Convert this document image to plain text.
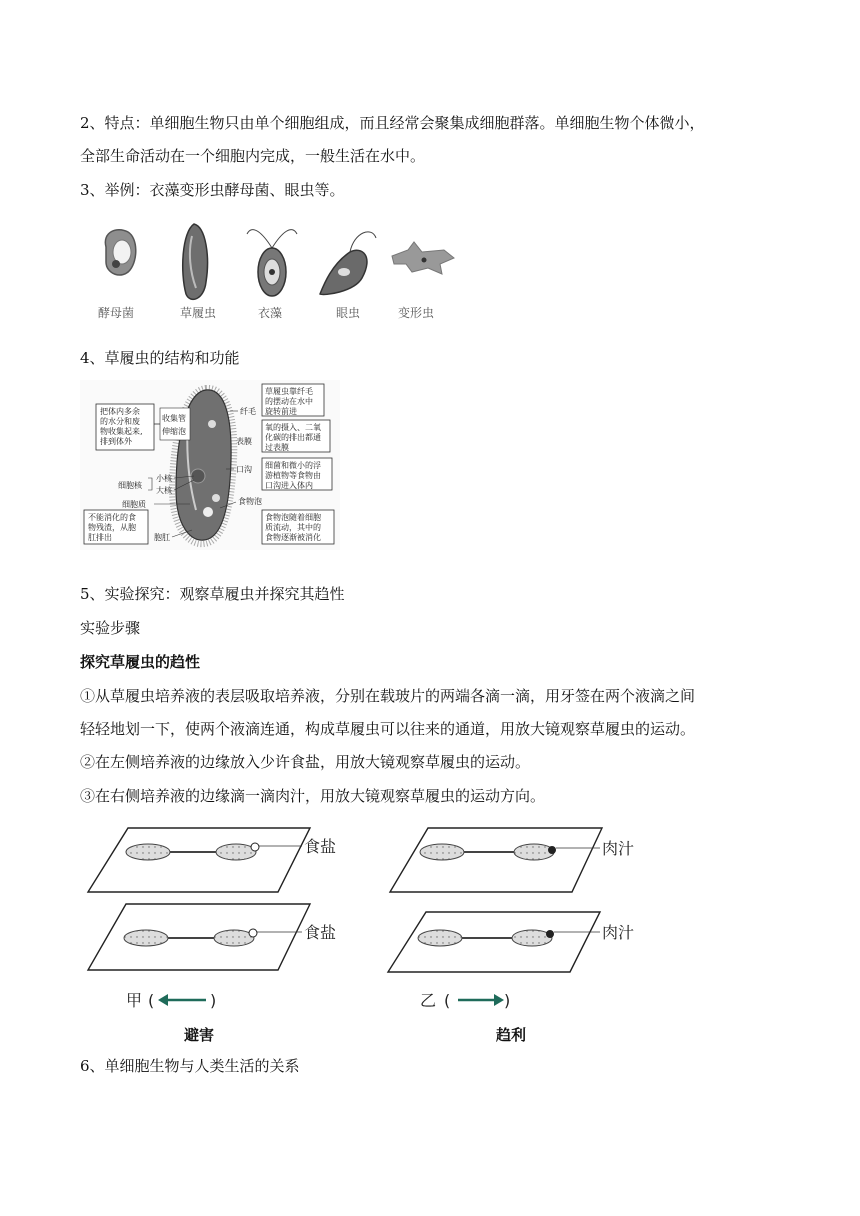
2、特点：单细胞生物只由单个细胞组成，而且经常会聚集成细胞群落。单细胞生物个体微小，
全部生命活动在一个细胞内完成，一般生活在水中。
3、举例：衣藻变形虫酵母菌、眼虫等。
酵母菌	草履虫	衣藻	眼虫	变形虫
4、草履虫的结构和功能
把体内多余
的水分和废
物收集起来,
排到体外
收集管
伸缩泡
小核
大核
细胞核
细胞质
不能消化的食
物残渣，从胞
肛排出	胞肛
纤毛
草履虫靠纤毛
的摆动在水中
旋转前进
表膜
氧的摄入、二氧
化碳的排出都通
过表膜
口沟 细菌和微小的浮
游植物等食物由
口沟进入体内
食物泡
食物泡随着细胞
质流动，其中的
食物逐渐被消化
5、实验探究：观察草履虫并探究其趋性
实验步骤
探究草履虫的趋性
①从草履虫培养液的表层吸取培养液，分别在载玻片的两端各滴一滴，用牙签在两个液滴之间
轻轻地划一下，使两个液滴连通，构成草履虫可以往来的通道，用放大镜观察草履虫的运动。
②在左侧培养液的边缘放入少许食盐，用放大镜观察草履虫的运动。
③在右侧培养液的边缘滴一滴肉汁，用放大镜观察草履虫的运动方向。
食盐	肉汁
食盐	肉汁
甲 (	)	乙 (	)
避害	趋利
6、单细胞生物与人类生活的关系
